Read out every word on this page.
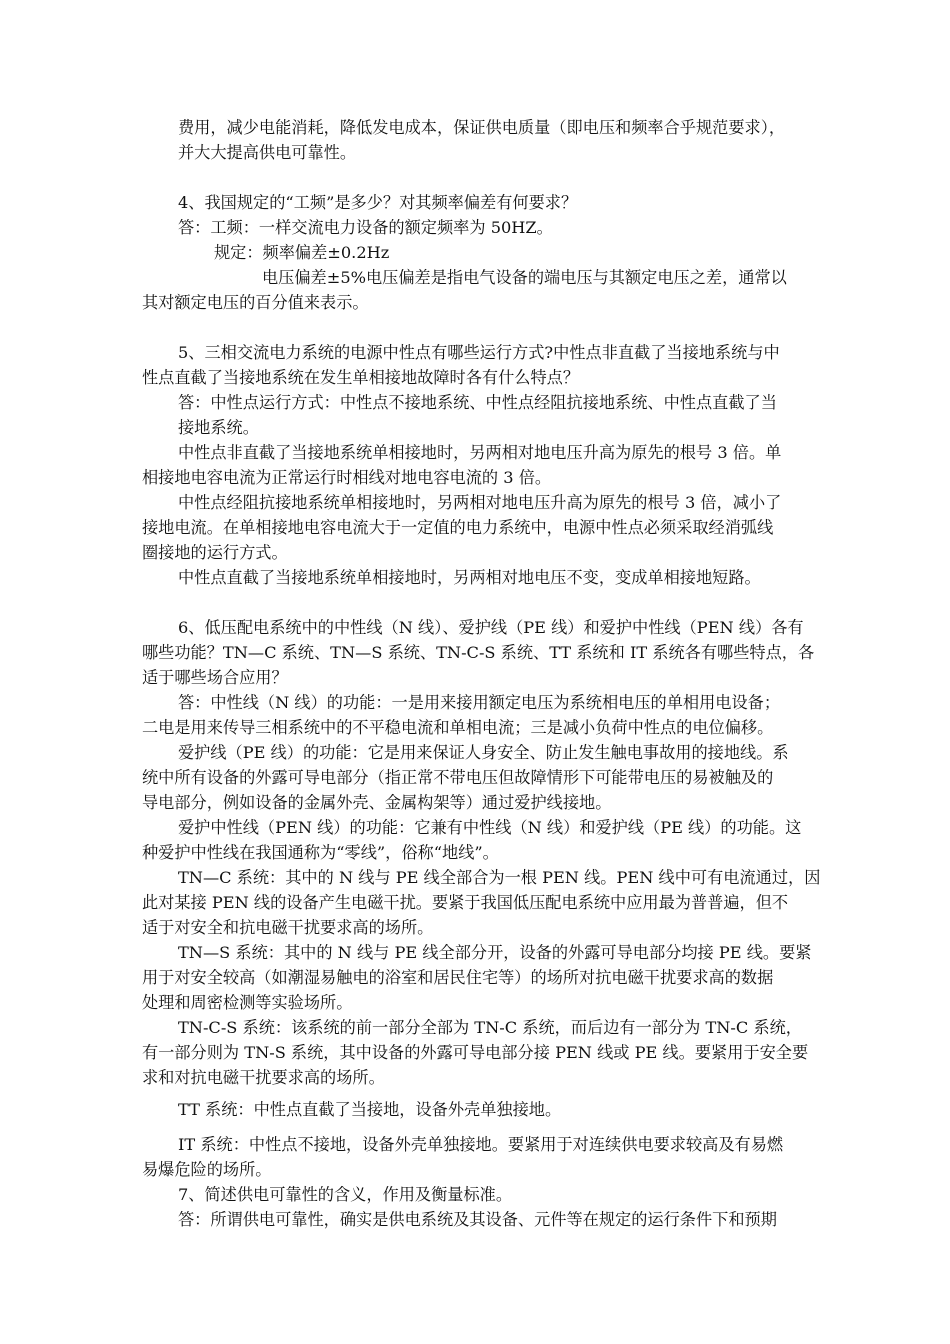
费用，减少电能消耗，降低发电成本，保证供电质量（即电压和频率合乎规范要求），
并大大提高供电可靠性。
4、我国规定的“工频”是多少？对其频率偏差有何要求？
答：工频：一样交流电力设备的额定频率为 50HZ。
规定：频率偏差±0.2Hz
电压偏差±5%电压偏差是指电气设备的端电压与其额定电压之差，通常以
其对额定电压的百分值来表示。
5、三相交流电力系统的电源中性点有哪些运行方式?中性点非直截了当接地系统与中
性点直截了当接地系统在发生单相接地故障时各有什么特点？
答：中性点运行方式：中性点不接地系统、中性点经阻抗接地系统、中性点直截了当
接地系统。
中性点非直截了当接地系统单相接地时，另两相对地电压升高为原先的根号 3 倍。单
相接地电容电流为正常运行时相线对地电容电流的 3 倍。
中性点经阻抗接地系统单相接地时，另两相对地电压升高为原先的根号 3 倍，减小了
接地电流。在单相接地电容电流大于一定值的电力系统中，电源中性点必须采取经消弧线
圈接地的运行方式。
中性点直截了当接地系统单相接地时，另两相对地电压不变，变成单相接地短路。
6、低压配电系统中的中性线（N 线）、爱护线（PE 线）和爱护中性线（PEN 线）各有
哪些功能？TN—C 系统、TN—S 系统、TN-C-S 系统、TT 系统和 IT 系统各有哪些特点，各
适于哪些场合应用？
答：中性线（N 线）的功能：一是用来接用额定电压为系统相电压的单相用电设备；
二电是用来传导三相系统中的不平稳电流和单相电流；三是减小负荷中性点的电位偏移。
爱护线（PE 线）的功能：它是用来保证人身安全、防止发生触电事故用的接地线。系
统中所有设备的外露可导电部分（指正常不带电压但故障情形下可能带电压的易被触及的
导电部分，例如设备的金属外壳、金属构架等）通过爱护线接地。
爱护中性线（PEN 线）的功能：它兼有中性线（N 线）和爱护线（PE 线）的功能。这
种爱护中性线在我国通称为“零线”，俗称“地线”。
TN—C 系统：其中的 N 线与 PE 线全部合为一根 PEN 线。PEN 线中可有电流通过，因
此对某接 PEN 线的设备产生电磁干扰。要紧于我国低压配电系统中应用最为普普遍，但不
适于对安全和抗电磁干扰要求高的场所。
TN—S 系统：其中的 N 线与 PE 线全部分开，设备的外露可导电部分均接 PE 线。要紧
用于对安全较高（如潮湿易触电的浴室和居民住宅等）的场所对抗电磁干扰要求高的数据
处理和周密检测等实验场所。
TN-C-S 系统：该系统的前一部分全部为 TN-C 系统，而后边有一部分为 TN-C 系统，
有一部分则为 TN-S 系统，其中设备的外露可导电部分接 PEN 线或 PE 线。要紧用于安全要
求和对抗电磁干扰要求高的场所。
TT 系统：中性点直截了当接地，设备外壳单独接地。
IT 系统：中性点不接地，设备外壳单独接地。要紧用于对连续供电要求较高及有易燃
易爆危险的场所。
7、简述供电可靠性的含义，作用及衡量标准。
答：所谓供电可靠性，确实是供电系统及其设备、元件等在规定的运行条件下和预期
